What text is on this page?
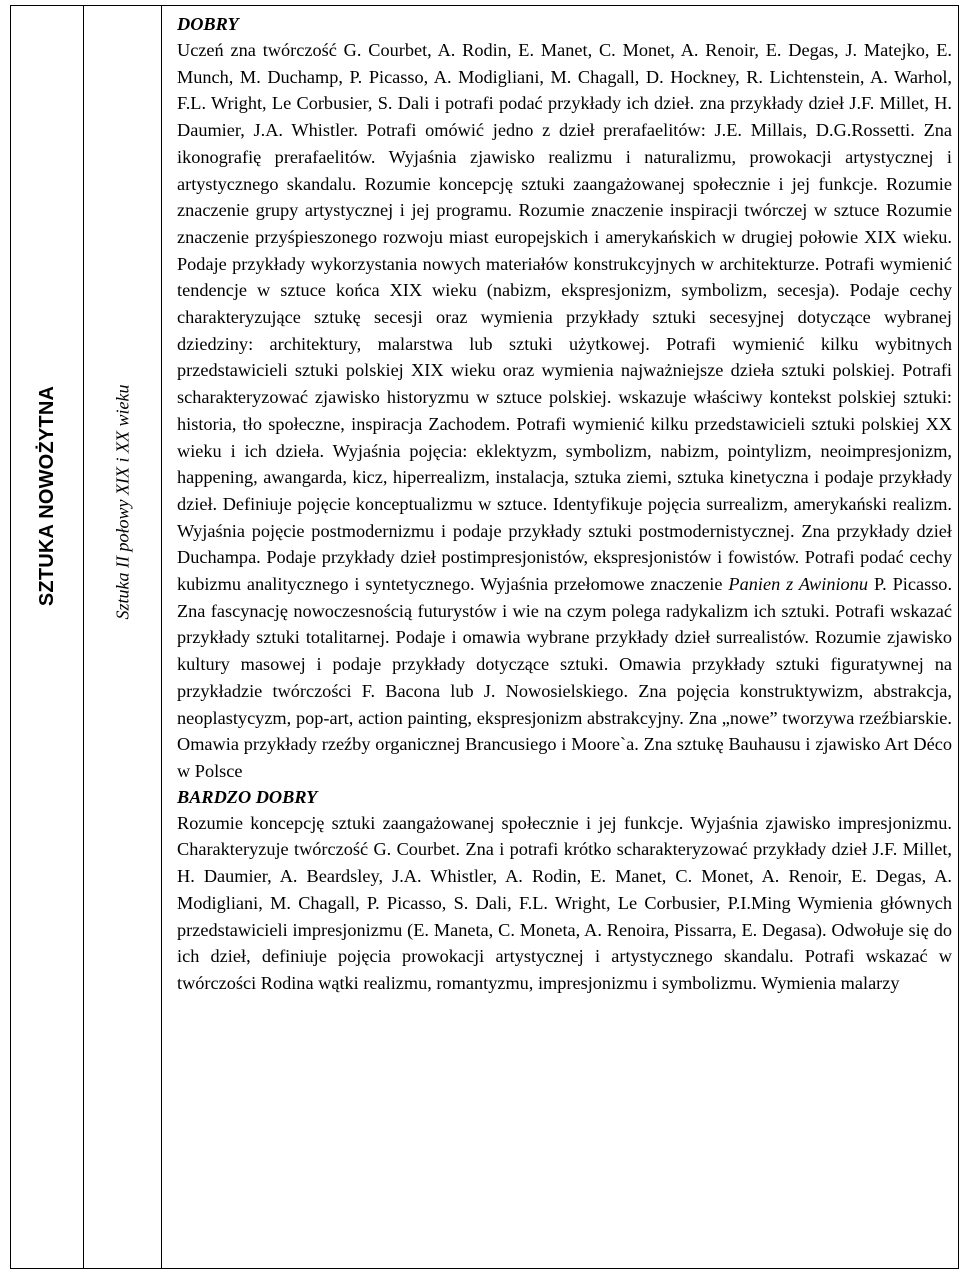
SZTUKA NOWOŻYTNA	Sztuka II połowy XIX i XX wieku

DOBRY

Uczeń zna twórczość G. Courbet, A. Rodin, E. Manet, C. Monet, A. Renoir, E. Degas, J. Matejko, E. Munch, M. Duchamp, P. Picasso, A. Modigliani, M. Chagall, D. Hockney, R. Lichtenstein, A. Warhol, F.L. Wright, Le Corbusier, S. Dali i potrafi podać przykłady ich dzieł. zna przykłady dzieł J.F. Millet, H. Daumier, J.A. Whistler. Potrafi omówić jedno z dzieł prerafaelitów: J.E. Millais, D.G.Rossetti. Zna ikonografię prerafaelitów. Wyjaśnia zjawisko realizmu i naturalizmu, prowokacji artystycznej i artystycznego skandalu. Rozumie koncepcję sztuki zaangażowanej społecznie i jej funkcje. Rozumie znaczenie grupy artystycznej i jej programu. Rozumie znaczenie inspiracji twórczej w sztuce Rozumie znaczenie przyśpieszonego rozwoju miast europejskich i amerykańskich w drugiej połowie XIX wieku. Podaje przykłady wykorzystania nowych materiałów konstrukcyjnych w architekturze. Potrafi wymienić tendencje w sztuce końca XIX wieku (nabizm, ekspresjonizm, symbolizm, secesja). Podaje cechy charakteryzujące sztukę secesji oraz wymienia przykłady sztuki secesyjnej dotyczące wybranej dziedziny: architektury, malarstwa lub sztuki użytkowej. Potrafi wymienić kilku wybitnych przedstawicieli sztuki polskiej XIX wieku oraz wymienia najważniejsze dzieła sztuki polskiej. Potrafi scharakteryzować zjawisko historyzmu w sztuce polskiej. wskazuje właściwy kontekst polskiej sztuki: historia, tło społeczne, inspiracja Zachodem. Potrafi wymienić kilku przedstawicieli sztuki polskiej XX wieku i ich dzieła. Wyjaśnia pojęcia: eklektyzm, symbolizm, nabizm, pointylizm, neoimpresjonizm, happening, awangarda, kicz, hiperrealizm, instalacja, sztuka ziemi, sztuka kinetyczna i podaje przykłady dzieł. Definiuje pojęcie konceptualizmu w sztuce. Identyfikuje pojęcia surrealizm, amerykański realizm. Wyjaśnia pojęcie postmodernizmu i podaje przykłady sztuki postmodernistycznej. Zna przykłady dzieł Duchampa. Podaje przykłady dzieł postimpresjonistów, ekspresjonistów i fowistów. Potrafi podać cechy kubizmu analitycznego i syntetycznego. Wyjaśnia przełomowe znaczenie Panien z Awinionu P. Picasso. Zna fascynację nowoczesnością futurystów i wie na czym polega radykalizm ich sztuki. Potrafi wskazać przykłady sztuki totalitarnej. Podaje i omawia wybrane przykłady dzieł surrealistów. Rozumie zjawisko kultury masowej i podaje przykłady dotyczące sztuki. Omawia przykłady sztuki figuratywnej na przykładzie twórczości F. Bacona lub J. Nowosielskiego. Zna pojęcia konstruktywizm, abstrakcja, neoplastycyzm, pop-art, action painting, ekspresjonizm abstrakcyjny. Zna „nowe” tworzywa rzeźbiarskie. Omawia przykłady rzeźby organicznej Brancusiego i Moore`a. Zna sztukę Bauhausu i zjawisko Art Déco w Polsce

BARDZO DOBRY

Rozumie koncepcję sztuki zaangażowanej społecznie i jej funkcje. Wyjaśnia zjawisko impresjonizmu. Charakteryzuje twórczość G. Courbet. Zna i potrafi krótko scharakteryzować przykłady dzieł J.F. Millet, H. Daumier, A. Beardsley, J.A. Whistler, A. Rodin, E. Manet, C. Monet, A. Renoir, E. Degas, A. Modigliani, M. Chagall, P. Picasso, S. Dali, F.L. Wright, Le Corbusier, P.I.Ming Wymienia głównych przedstawicieli impresjonizmu (E. Maneta, C. Moneta, A. Renoira, Pissarra, E. Degasa). Odwołuje się do ich dzieł, definiuje pojęcia prowokacji artystycznej i artystycznego skandalu. Potrafi wskazać w twórczości Rodina wątki realizmu, romantyzmu, impresjonizmu i symbolizmu. Wymienia malarzy
